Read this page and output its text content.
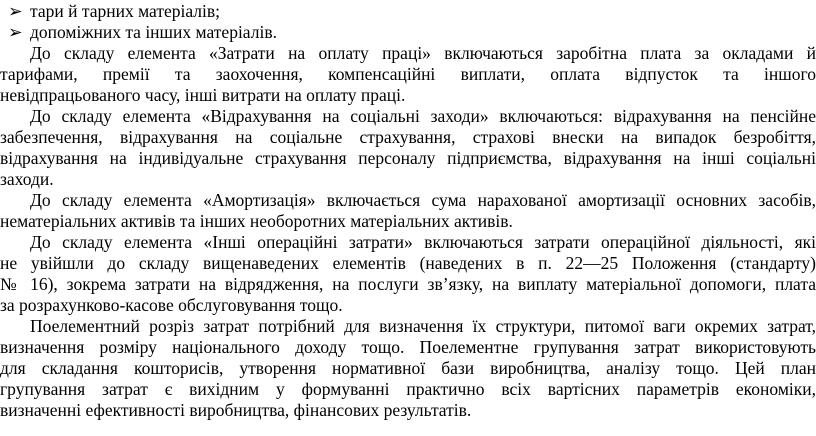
➢ тари й тарних матеріалів;
➢ допоміжних та інших матеріалів.
До складу елемента «Затрати на оплату праці» включаються заробітна плата за окладами й
тарифами, премії та заохочення, компенсаційні виплати, оплата відпусток та іншого
невідпрацьованого часу, інші витрати на оплату праці.
До складу елемента «Відрахування на соціальні заходи» включаються: відрахування на пенсійне
забезпечення, відрахування на соціальне страхування, страхові внески на випадок безробіття,
відрахування на індивідуальне страхування персоналу підприємства, відрахування на інші соціальні
заходи.
До складу елемента «Амортизація» включається сума нарахованої амортизації основних засобів,
нематеріальних активів та інших необоротних матеріальних активів.
До складу елемента «Інші операційні затрати» включаються затрати операційної діяльності, які
не увійшли до складу вищенаведених елементів (наведених в п. 22—25 Положення (стандарту)
№ 16), зокрема затрати на відрядження, на послуги зв’язку, на виплату матеріальної допомоги, плата
за розрахунково-касове обслуговування тощо.
Поелементний розріз затрат потрібний для визначення їх структури, питомої ваги окремих затрат,
визначення розміру національного доходу тощо. Поелементне групування затрат використовують
для складання кошторисів, утворення нормативної бази виробництва, аналізу тощо. Цей план
групування затрат є вихідним у формуванні практично всіх вартісних параметрів економіки,
визначенні ефективності виробництва, фінансових результатів.
